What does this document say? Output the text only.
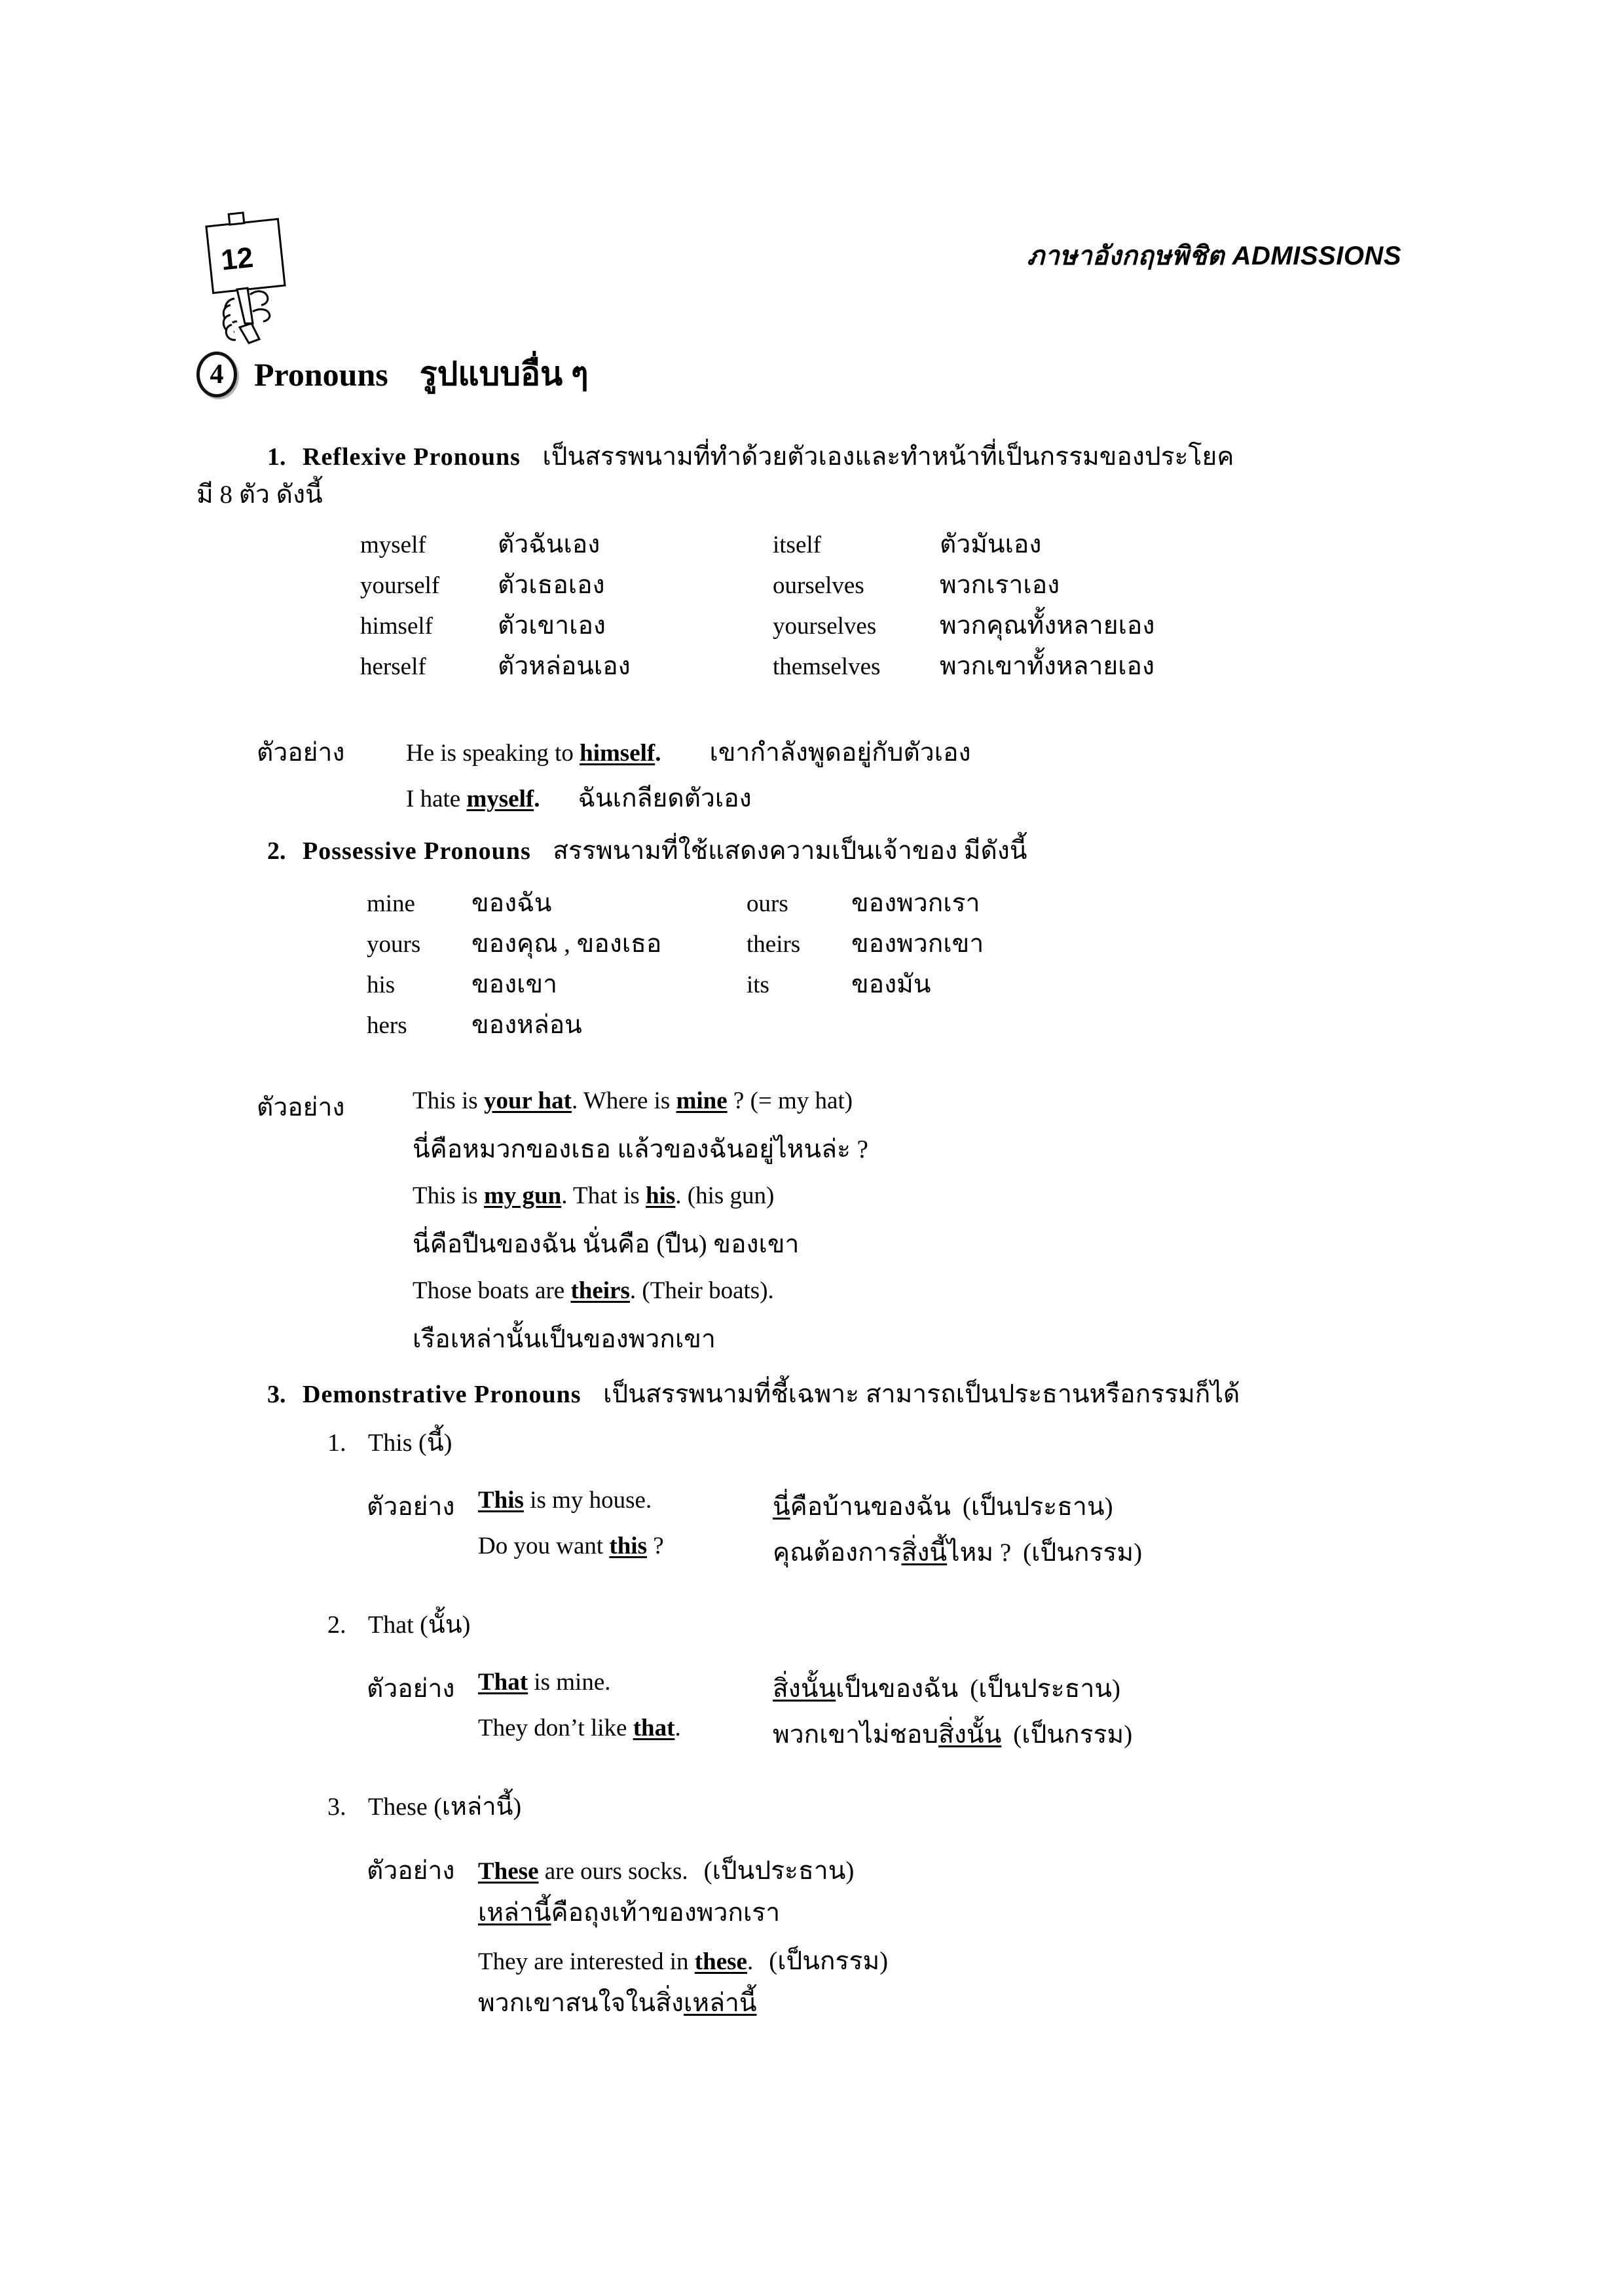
12	ภาษาอังกฤษพิชิต ADMISSIONS
4 Pronouns รูปแบบอื่น ๆ
1. Reflexive Pronouns เป็นสรรพนามที่ทำด้วยตัวเองและทำหน้าที่เป็นกรรมของประโยค
มี 8 ตัว ดังนี้
myself	ตัวฉันเอง	itself	ตัวมันเอง
yourself	ตัวเธอเอง	ourselves	พวกเราเอง
himself	ตัวเขาเอง	yourselves	พวกคุณทั้งหลายเอง
herself	ตัวหล่อนเอง	themselves	พวกเขาทั้งหลายเอง
ตัวอย่าง	He is speaking to himself. เขากำลังพูดอยู่กับตัวเอง
I hate myself. ฉันเกลียดตัวเอง
2. Possessive Pronouns สรรพนามที่ใช้แสดงความเป็นเจ้าของ มีดังนี้
mine	ของฉัน	ours	ของพวกเรา
yours	ของคุณ , ของเธอ	theirs	ของพวกเขา
his	ของเขา	its	ของมัน
hers	ของหล่อน
ตัวอย่าง	This is your hat. Where is mine ? (= my hat)
นี่คือหมวกของเธอ แล้วของฉันอยู่ไหนล่ะ ?
This is my gun. That is his. (his gun)
นี่คือปืนของฉัน นั่นคือ (ปืน) ของเขา
Those boats are theirs. (Their boats).
เรือเหล่านั้นเป็นของพวกเขา
3. Demonstrative Pronouns เป็นสรรพนามที่ชี้เฉพาะ สามารถเป็นประธานหรือกรรมก็ได้
1. This (นี้)
ตัวอย่าง This is my house.	นี่คือบ้านของฉัน (เป็นประธาน)
Do you want this ?	คุณต้องการสิ่งนี้ไหม ? (เป็นกรรม)
2. That (นั้น)
ตัวอย่าง That is mine.	สิ่งนั้นเป็นของฉัน (เป็นประธาน)
They don’t like that.	พวกเขาไม่ชอบสิ่งนั้น (เป็นกรรม)
3. These (เหล่านี้)
ตัวอย่าง These are ours socks. (เป็นประธาน)
เหล่านี้คือถุงเท้าของพวกเรา
They are interested in these. (เป็นกรรม)
พวกเขาสนใจในสิ่งเหล่านี้
